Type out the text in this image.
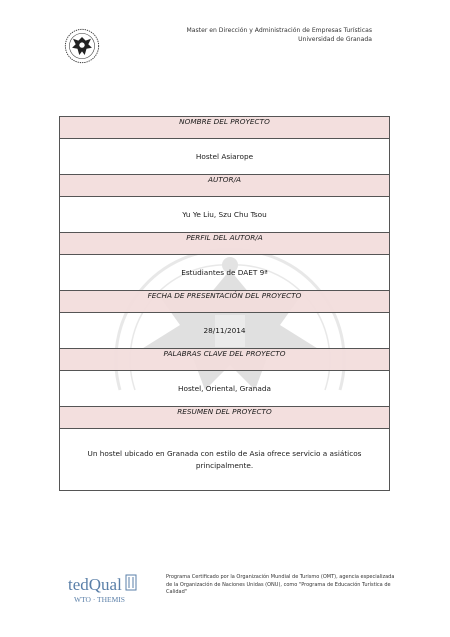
Master en Dirección y Administración de Empresas Turísticas
Universidad de Granada
NOMBRE DEL PROYECTO
Hostel Asiarope
AUTOR/A
Yu Ye Liu, Szu Chu Tsou
PERFIL DEL AUTOR/A
Estudiantes de DAET 9ª
FECHA DE PRESENTACIÓN DEL PROYECTO
28/11/2014
PALABRAS CLAVE DEL PROYECTO
Hostel, Oriental, Granada
RESUMEN DEL PROYECTO
Un hostel ubicado en Granada con estilo de Asia ofrece servicio a asiáticos principalmente.
tedQual
WTO · THEMIS
Programa Certificado por la Organización Mundial de Turismo (OMT), agencia especializada de la Organización de Naciones Unidas (ONU), como "Programa de Educación Turística de Calidad"
